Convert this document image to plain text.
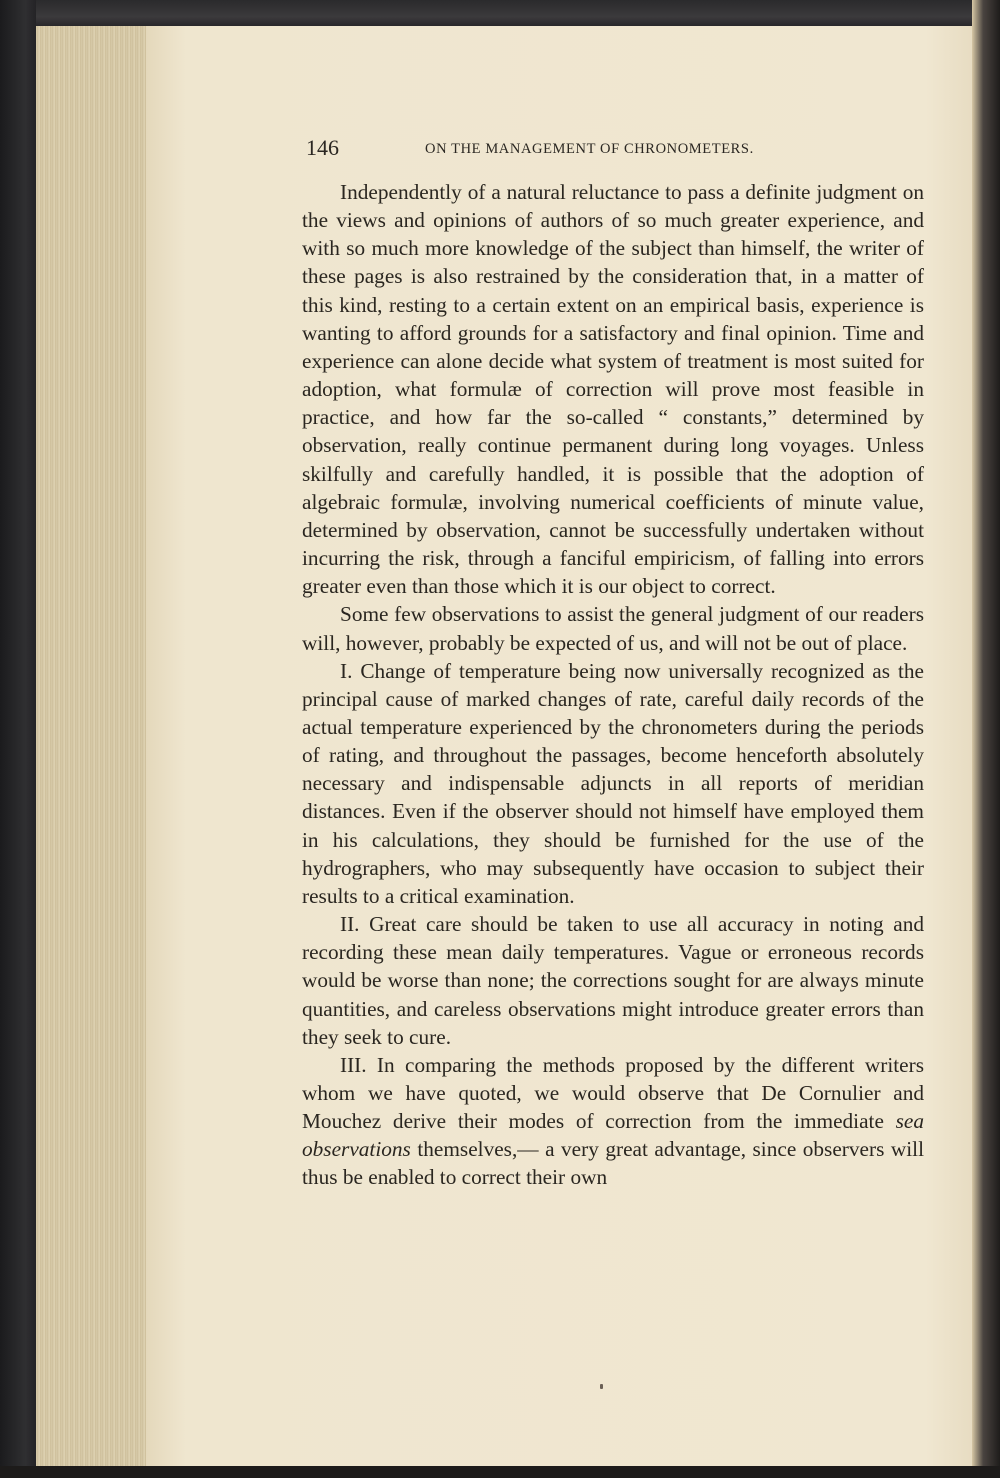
146	ON THE MANAGEMENT OF CHRONOMETERS.

Independently of a natural reluctance to pass a definite judgment on the views and opinions of authors of so much greater experience, and with so much more knowledge of the subject than himself, the writer of these pages is also restrained by the consideration that, in a matter of this kind, resting to a certain extent on an empirical basis, experience is wanting to afford grounds for a satisfactory and final opinion. Time and experience can alone decide what system of treatment is most suited for adoption, what formulæ of correction will prove most feasible in practice, and how far the so-called “ constants,” determined by observation, really continue permanent during long voyages. Unless skilfully and carefully handled, it is possible that the adoption of algebraic formulæ, involving numerical coefficients of minute value, determined by observation, cannot be successfully undertaken without incurring the risk, through a fanciful empiricism, of falling into errors greater even than those which it is our object to correct.

Some few observations to assist the general judgment of our readers will, however, probably be expected of us, and will not be out of place.

I. Change of temperature being now universally recognized as the principal cause of marked changes of rate, careful daily records of the actual temperature experienced by the chronometers during the periods of rating, and throughout the passages, become henceforth absolutely necessary and indispensable adjuncts in all reports of meridian distances. Even if the observer should not himself have employed them in his calculations, they should be furnished for the use of the hydrographers, who may subsequently have occasion to subject their results to a critical examination.

II. Great care should be taken to use all accuracy in noting and recording these mean daily temperatures. Vague or erroneous records would be worse than none; the corrections sought for are always minute quantities, and careless observations might introduce greater errors than they seek to cure.

III. In comparing the methods proposed by the different writers whom we have quoted, we would observe that De Cornulier and Mouchez derive their modes of correction from the immediate sea observations themselves,— a very great advantage, since observers will thus be enabled to correct their own
